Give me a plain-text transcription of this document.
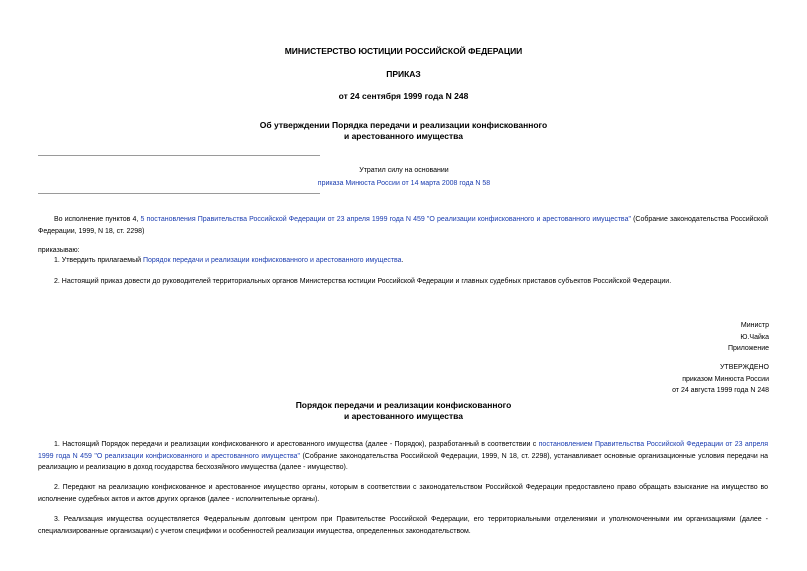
МИНИСТЕРСТВО ЮСТИЦИИ РОССИЙСКОЙ ФЕДЕРАЦИИ
ПРИКАЗ
от 24 сентября 1999 года N 248
Об утверждении Порядка передачи и реализации конфискованного
и арестованного имущества
Утратил силу на основании
приказа Минюста России от 14 марта 2008 года N 58
Во исполнение пунктов 4, 5 постановления Правительства Российской Федерации от 23 апреля 1999 года N 459 "О реализации конфискованного и арестованного имущества" (Собрание законодательства Российской Федерации, 1999, N 18, ст. 2298)
приказываю:
1. Утвердить прилагаемый Порядок передачи и реализации конфискованного и арестованного имущества.
2. Настоящий приказ довести до руководителей территориальных органов Министерства юстиции Российской Федерации и главных судебных приставов субъектов Российской Федерации.
Министр
Ю.Чайка
Приложение
УТВЕРЖДЕНО
приказом Минюста России
от 24 августа 1999 года N 248
Порядок передачи и реализации конфискованного
и арестованного имущества
1. Настоящий Порядок передачи и реализации конфискованного и арестованного имущества (далее - Порядок), разработанный в соответствии с постановлением Правительства Российской Федерации от 23 апреля 1999 года N 459 "О реализации конфискованного и арестованного имущества" (Собрание законодательства Российской Федерации, 1999, N 18, ст. 2298), устанавливает основные организационные условия передачи на реализацию и реализацию в доход государства бесхозяйного имущества (далее - имущество).
2. Передают на реализацию конфискованное и арестованное имущество органы, которым в соответствии с законодательством Российской Федерации предоставлено право обращать взыскание на имущество во исполнение судебных актов и актов других органов (далее - исполнительные органы).
3. Реализация имущества осуществляется Федеральным долговым центром при Правительстве Российской Федерации, его территориальными отделениями и уполномоченными им организациями (далее - специализированные организации) с учетом специфики и особенностей реализации имущества, определенных законодательством.
